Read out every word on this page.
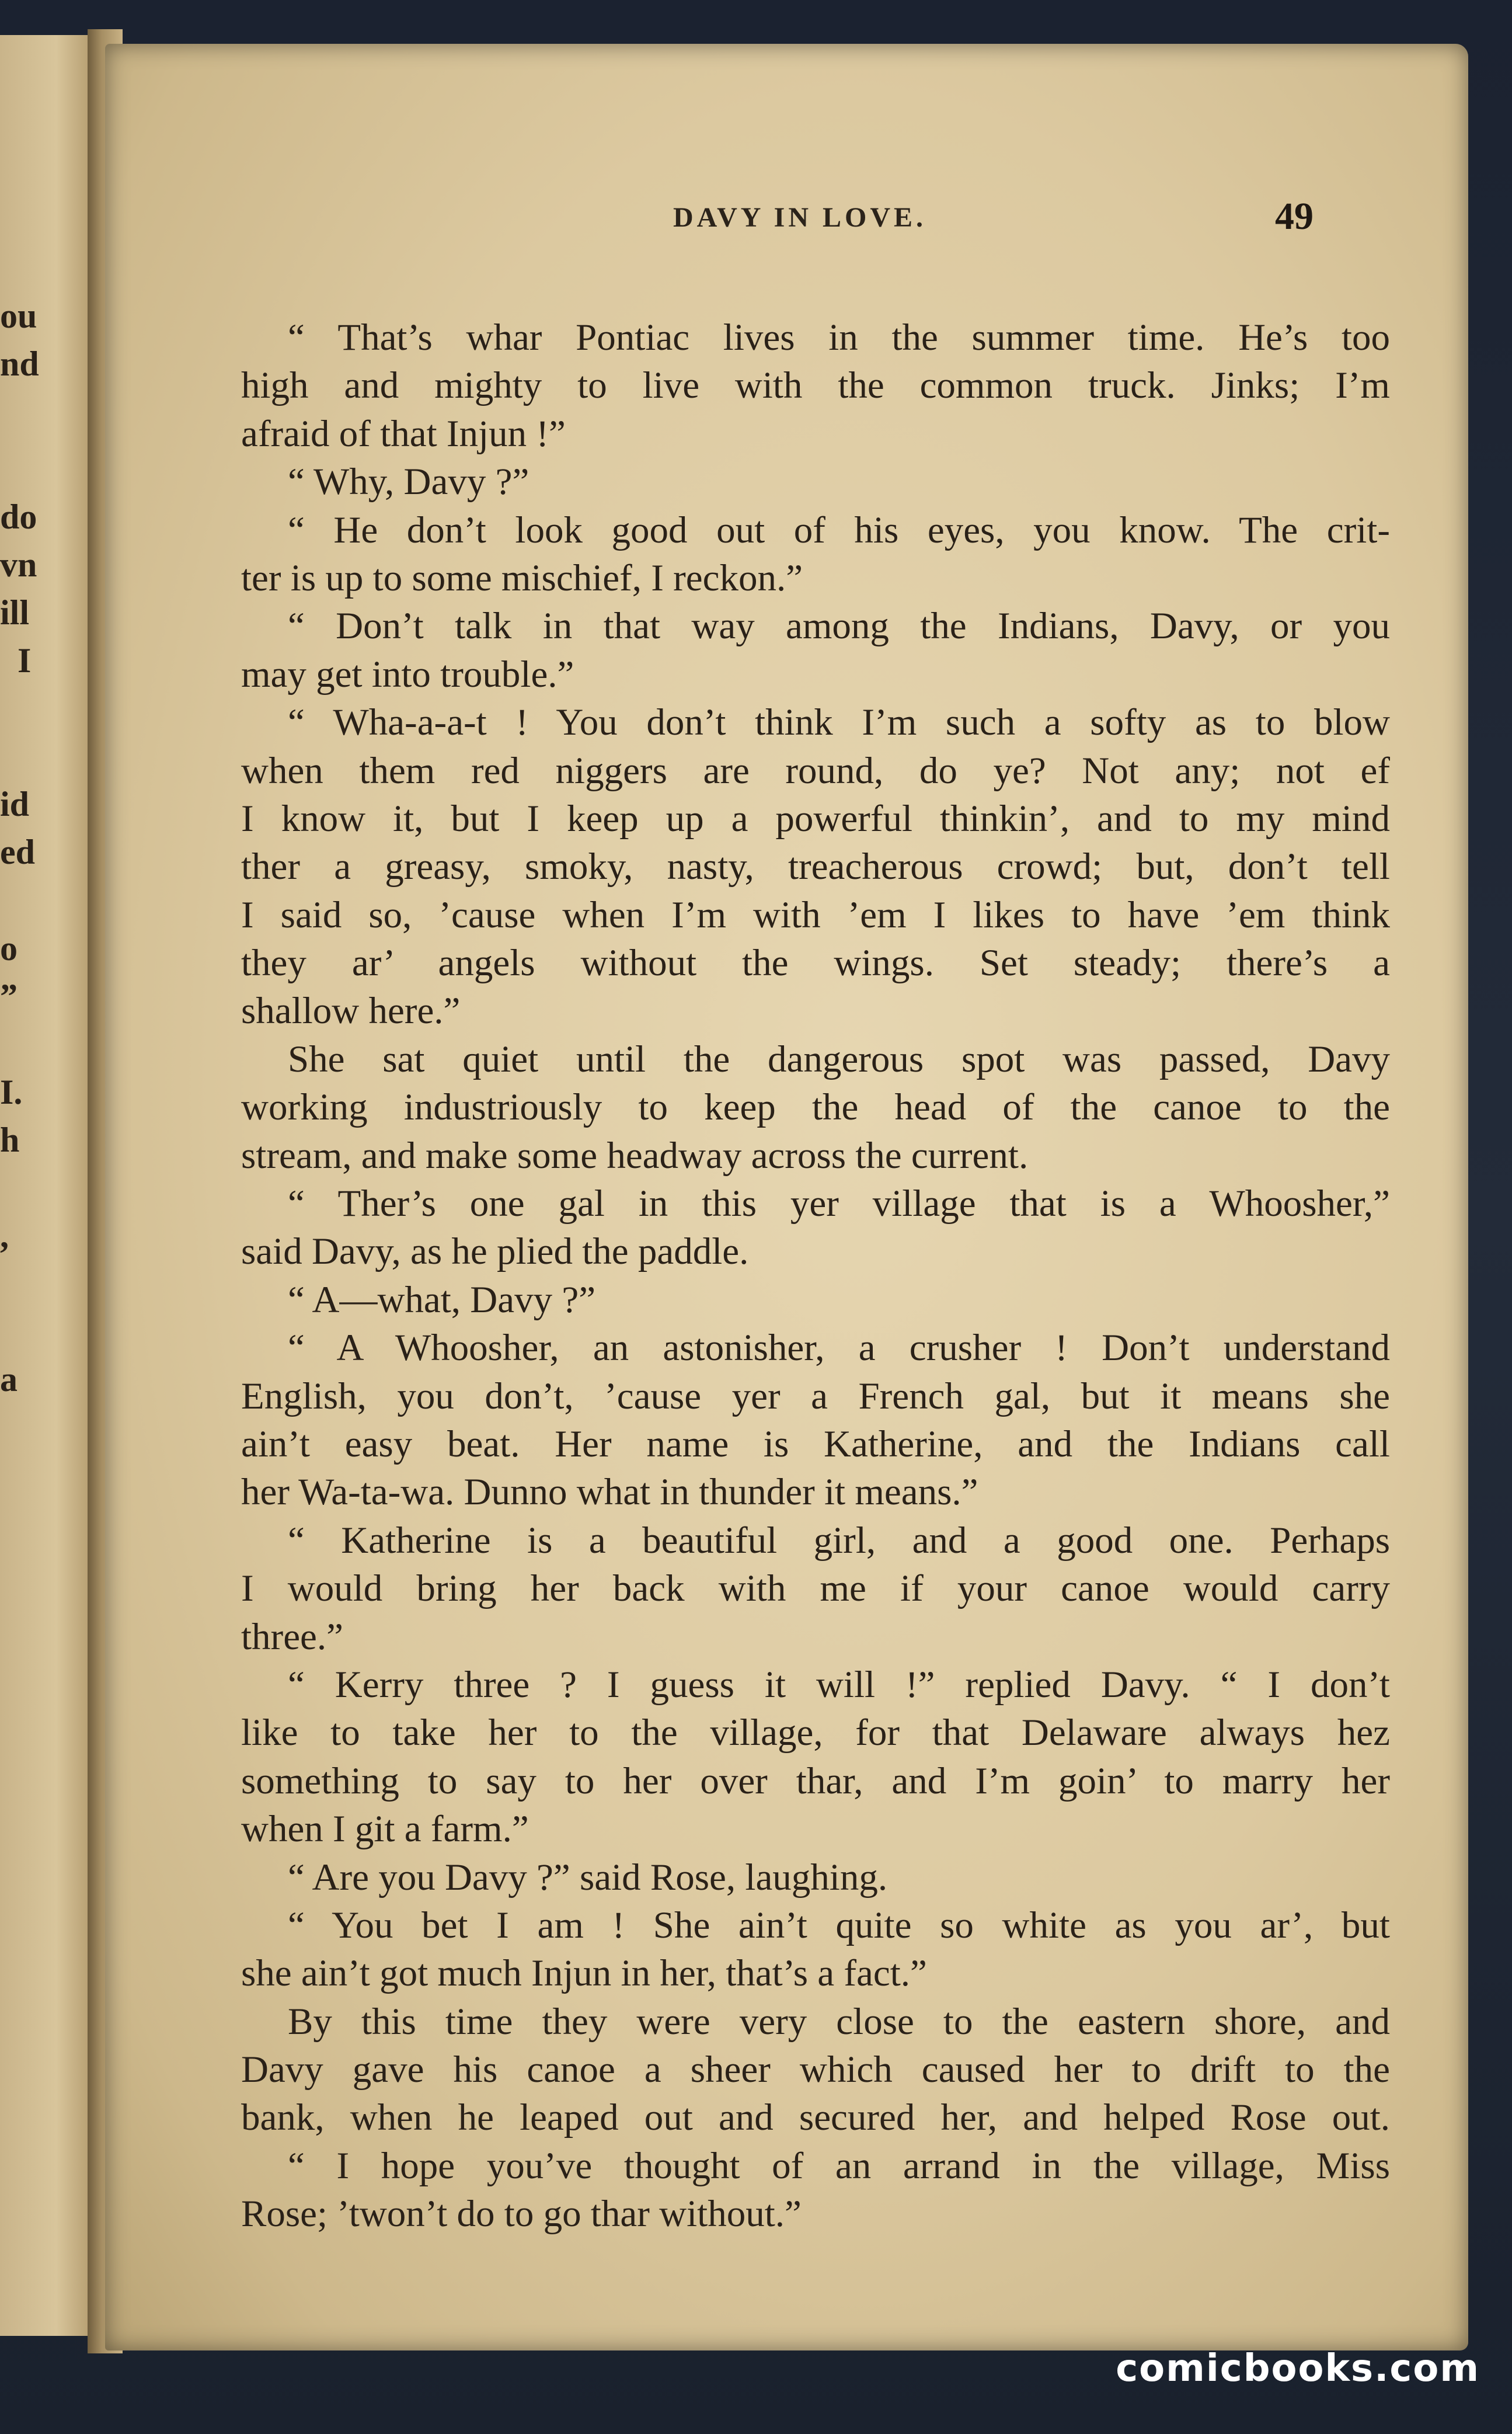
ou
nd
do
vn
ill
I
id
ed
o
”
I.
h
,
a
DAVY IN LOVE.	49
“ That’s whar Pontiac lives in the summer time. He’s too
high and mighty to live with the common truck. Jinks; I’m
afraid of that Injun !”
“ Why, Davy ?”
“ He don’t look good out of his eyes, you know. The crit-
ter is up to some mischief, I reckon.”
“ Don’t talk in that way among the Indians, Davy, or you
may get into trouble.”
“ Wha-a-a-t ! You don’t think I’m such a softy as to blow
when them red niggers are round, do ye? Not any; not ef
I know it, but I keep up a powerful thinkin’, and to my mind
ther a greasy, smoky, nasty, treacherous crowd; but, don’t tell
I said so, ’cause when I’m with ’em I likes to have ’em think
they ar’ angels without the wings. Set steady; there’s a
shallow here.”
She sat quiet until the dangerous spot was passed, Davy
working industriously to keep the head of the canoe to the
stream, and make some headway across the current.
“ Ther’s one gal in this yer village that is a Whoosher,”
said Davy, as he plied the paddle.
“ A—what, Davy ?”
“ A Whoosher, an astonisher, a crusher ! Don’t understand
English, you don’t, ’cause yer a French gal, but it means she
ain’t easy beat. Her name is Katherine, and the Indians call
her Wa-ta-wa. Dunno what in thunder it means.”
“ Katherine is a beautiful girl, and a good one. Perhaps
I would bring her back with me if your canoe would carry
three.”
“ Kerry three ? I guess it will !” replied Davy. “ I don’t
like to take her to the village, for that Delaware always hez
something to say to her over thar, and I’m goin’ to marry her
when I git a farm.”
“ Are you Davy ?” said Rose, laughing.
“ You bet I am ! She ain’t quite so white as you ar’, but
she ain’t got much Injun in her, that’s a fact.”
By this time they were very close to the eastern shore, and
Davy gave his canoe a sheer which caused her to drift to the
bank, when he leaped out and secured her, and helped Rose out.
“ I hope you’ve thought of an arrand in the village, Miss
Rose; ’twon’t do to go thar without.”
comicbooks.com
